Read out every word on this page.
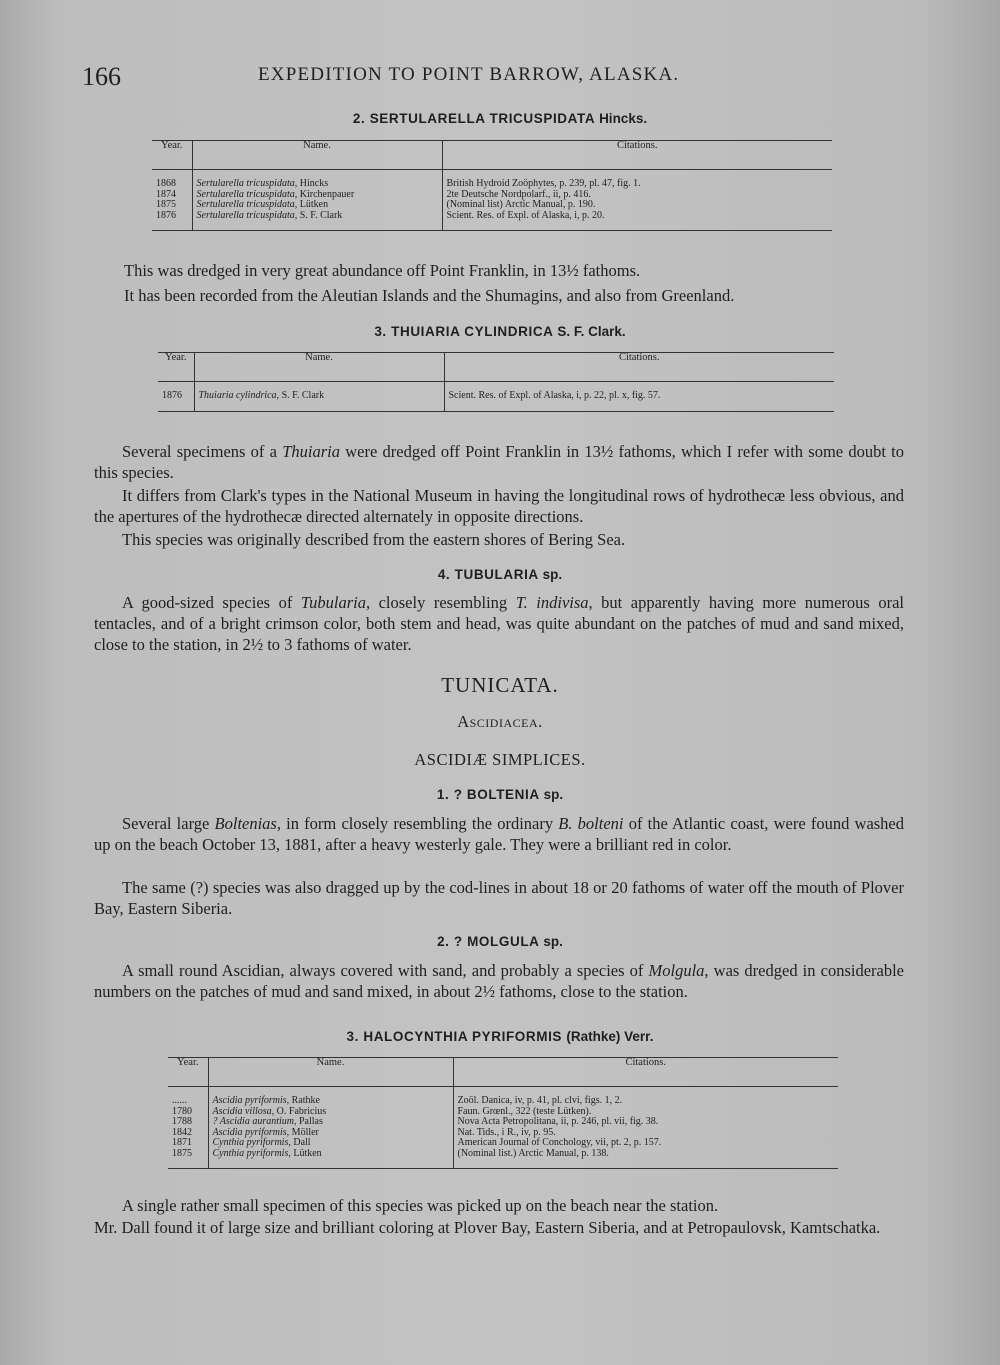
166	EXPEDITION TO POINT BARROW, ALASKA.
2. SERTULARELLA TRICUSPIDATA Hincks.
Year.	Name.	Citations.

1868	Sertularella tricuspidata, Hincks	British Hydroid Zoöphytes, p. 239, pl. 47, fig. 1.
1874	Sertularella tricuspidata, Kirchenpauer	2te Deutsche Nordpolarf., ii, p. 416.
1875	Sertularella tricuspidata, Lütken	(Nominal list) Arctic Manual, p. 190.
1876	Sertularella tricuspidata, S. F. Clark	Scient. Res. of Expl. of Alaska, i, p. 20.

This was dredged in very great abundance off Point Franklin, in 13½ fathoms.
It has been recorded from the Aleutian Islands and the Shumagins, and also from Greenland.
3. THUIARIA CYLINDRICA S. F. Clark.
Year.	Name.	Citations.

1876	Thuiaria cylindrica, S. F. Clark	Scient. Res. of Expl. of Alaska, i, p. 22, pl. x, fig. 57.

Several specimens of a Thuiaria were dredged off Point Franklin in 13½ fathoms, which I refer with some doubt to this species.
It differs from Clark's types in the National Museum in having the longitudinal rows of hydrothecæ less obvious, and the apertures of the hydrothecæ directed alternately in opposite directions.
This species was originally described from the eastern shores of Bering Sea.
4. TUBULARIA sp.
A good-sized species of Tubularia, closely resembling T. indivisa, but apparently having more numerous oral tentacles, and of a bright crimson color, both stem and head, was quite abundant on the patches of mud and sand mixed, close to the station, in 2½ to 3 fathoms of water.
TUNICATA.
Ascidiacea.
ASCIDIÆ SIMPLICES.
1. ? BOLTENIA sp.
Several large Boltenias, in form closely resembling the ordinary B. bolteni of the Atlantic coast, were found washed up on the beach October 13, 1881, after a heavy westerly gale. They were a brilliant red in color.
The same (?) species was also dragged up by the cod-lines in about 18 or 20 fathoms of water off the mouth of Plover Bay, Eastern Siberia.
2. ? MOLGULA sp.
A small round Ascidian, always covered with sand, and probably a species of Molgula, was dredged in considerable numbers on the patches of mud and sand mixed, in about 2½ fathoms, close to the station.
3. HALOCYNTHIA PYRIFORMIS (Rathke) Verr.
Year.	Name.	Citations.

......	Ascidia pyriformis, Rathke	Zoöl. Danica, iv, p. 41, pl. clvi, figs. 1, 2.
1780	Ascidia villosa, O. Fabricius	Faun. Grœnl., 322 (teste Lütken).
1788	? Ascidia aurantium, Pallas	Nova Acta Petropolitana, ii, p. 246, pl. vii, fig. 38.
1842	Ascidia pyriformis, Möller	Nat. Tids., i R., iv, p. 95.
1871	Cynthia pyriformis, Dall	American Journal of Conchology, vii, pt. 2, p. 157.
1875	Cynthia pyriformis, Lütken	(Nominal list.) Arctic Manual, p. 138.

A single rather small specimen of this species was picked up on the beach near the station.
Mr. Dall found it of large size and brilliant coloring at Plover Bay, Eastern Siberia, and at Petropaulovsk, Kamtschatka.
